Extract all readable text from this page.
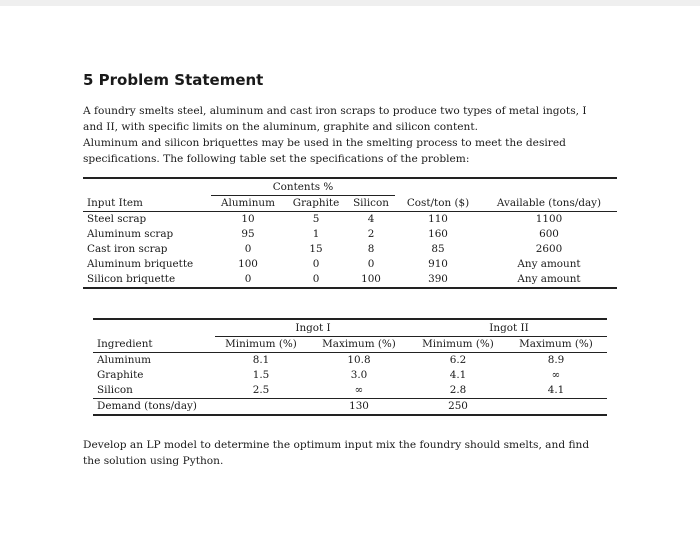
5 Problem Statement
A foundry smelts steel, aluminum and cast iron scraps to produce two types of metal ingots, I
and II, with specific limits on the aluminum, graphite and silicon content.
Aluminum and silicon briquettes may be used in the smelting process to meet the desired
specifications. The following table set the specifications of the problem:
	Contents %				
Input Item	Aluminum	Graphite	Silicon	Cost/ton ($)	Available (tons/day)
Steel scrap	10	5	4	110	1100
Aluminum scrap	95	1	2	160	600
Cast iron scrap	0	15	8	85	2600
Aluminum briquette	100	0	0	910	Any amount
Silicon briquette	0	0	100	390	Any amount
	Ingot I		Ingot II	
Ingredient	Minimum (%)	Maximum (%)	Minimum (%)	Maximum (%)
Aluminum	8.1	10.8	6.2	8.9
Graphite	1.5	3.0	4.1	∞
Silicon	2.5	∞	2.8	4.1
Demand (tons/day)		130	250	
Develop an LP model to determine the optimum input mix the foundry should smelts, and find
the solution using Python.
